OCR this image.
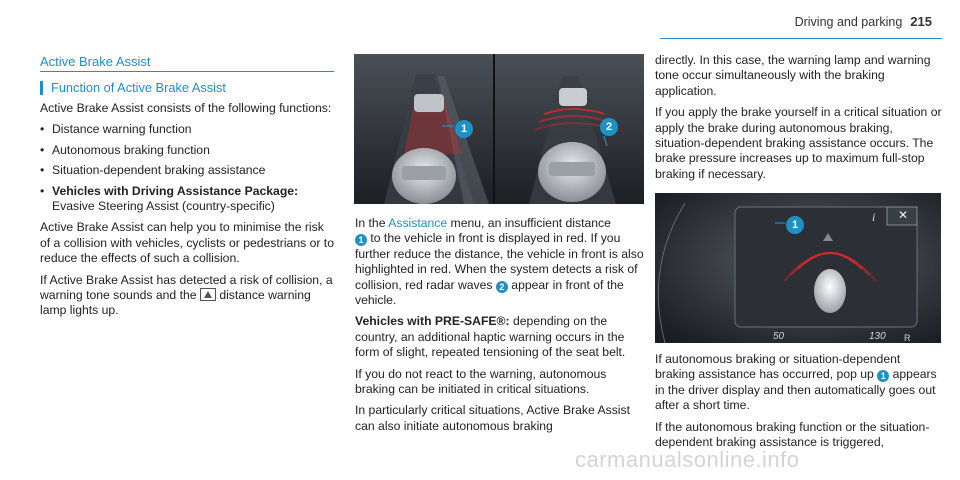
Driving and parking 215
Active Brake Assist
Function of Active Brake Assist

Active Brake Assist consists of the following functions:

• Distance warning function
• Autonomous braking function
• Situation-dependent braking assistance
• Vehicles with Driving Assistance Package: Evasive Steering Assist (country-specific)

Active Brake Assist can help you to minimise the risk of a collision with vehicles, cyclists or pedestrians or to reduce the effects of such a collision.

If Active Brake Assist has detected a risk of collision, a warning tone sounds and the distance warning lamp lights up.

1	2

In the Assistance menu, an insufficient distance
1 to the vehicle in front is displayed in red. If you further reduce the distance, the vehicle in front is also highlighted in red. When the system detects a risk of collision, red radar waves 2 appear in front of the vehicle.

Vehicles with PRE-SAFE®: depending on the country, an additional haptic warning occurs in the form of slight, repeated tensioning of the seat belt.

If you do not react to the warning, autonomous braking can be initiated in critical situations.

In particularly critical situations, Active Brake Assist can also initiate autonomous braking

directly. In this case, the warning lamp and warning tone occur simultaneously with the braking application.

If you apply the brake yourself in a critical situation or apply the brake during autonomous braking, situation-dependent braking assistance occurs. The brake pressure increases up to maximum full-stop braking if necessary.

i ✕
1
50	130 R

If autonomous braking or situation-dependent braking assistance has occurred, pop up 1 appears in the driver display and then automatically goes out after a short time.

If the autonomous braking function or the situation-dependent braking assistance is triggered,

carmanualsonline.info
